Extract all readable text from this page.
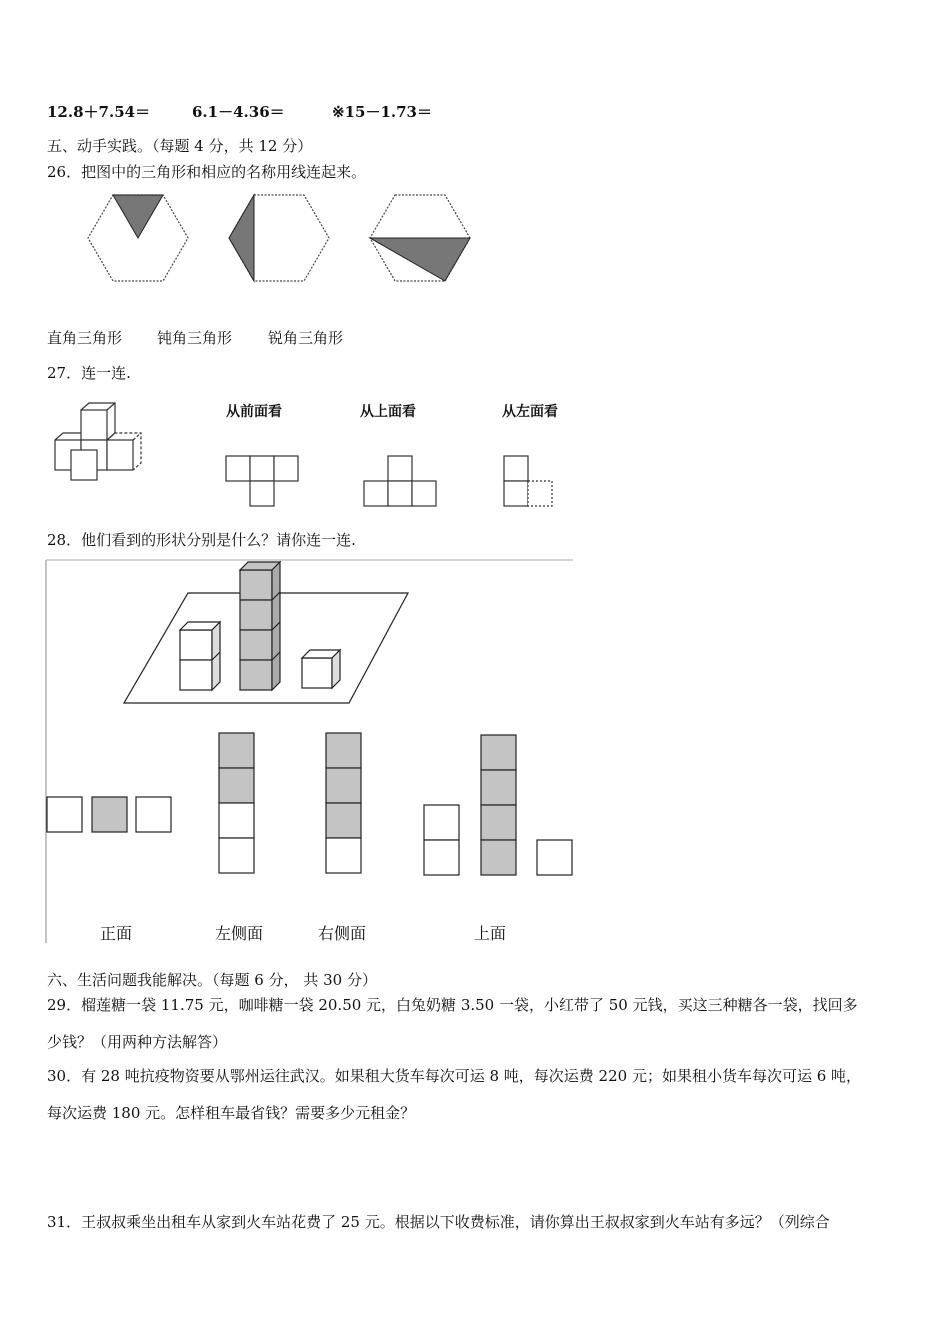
12.8＋7.54＝	6.1－4.36＝	※15－1.73＝
五、动手实践。（每题 4 分，共 12 分）
26．把图中的三角形和相应的名称用线连起来。
直角三角形 钝角三角形 锐角三角形
27．连一连.
从前面看	从上面看	从左面看
28．他们看到的形状分别是什么？请你连一连.
正面	左侧面	右侧面	上面
六、生活问题我能解决。（每题 6 分， 共 30 分）
29．榴莲糖一袋 11.75 元，咖啡糖一袋 20.50 元，白兔奶糖 3.50 一袋，小红带了 50 元钱，买这三种糖各一袋，找回多
少钱？（用两种方法解答）
30．有 28 吨抗疫物资要从鄂州运往武汉。如果租大货车每次可运 8 吨，每次运费 220 元；如果租小货车每次可运 6 吨，
每次运费 180 元。怎样租车最省钱？需要多少元租金？
31．王叔叔乘坐出租车从家到火车站花费了 25 元。根据以下收费标准，请你算出王叔叔家到火车站有多远？（列综合
